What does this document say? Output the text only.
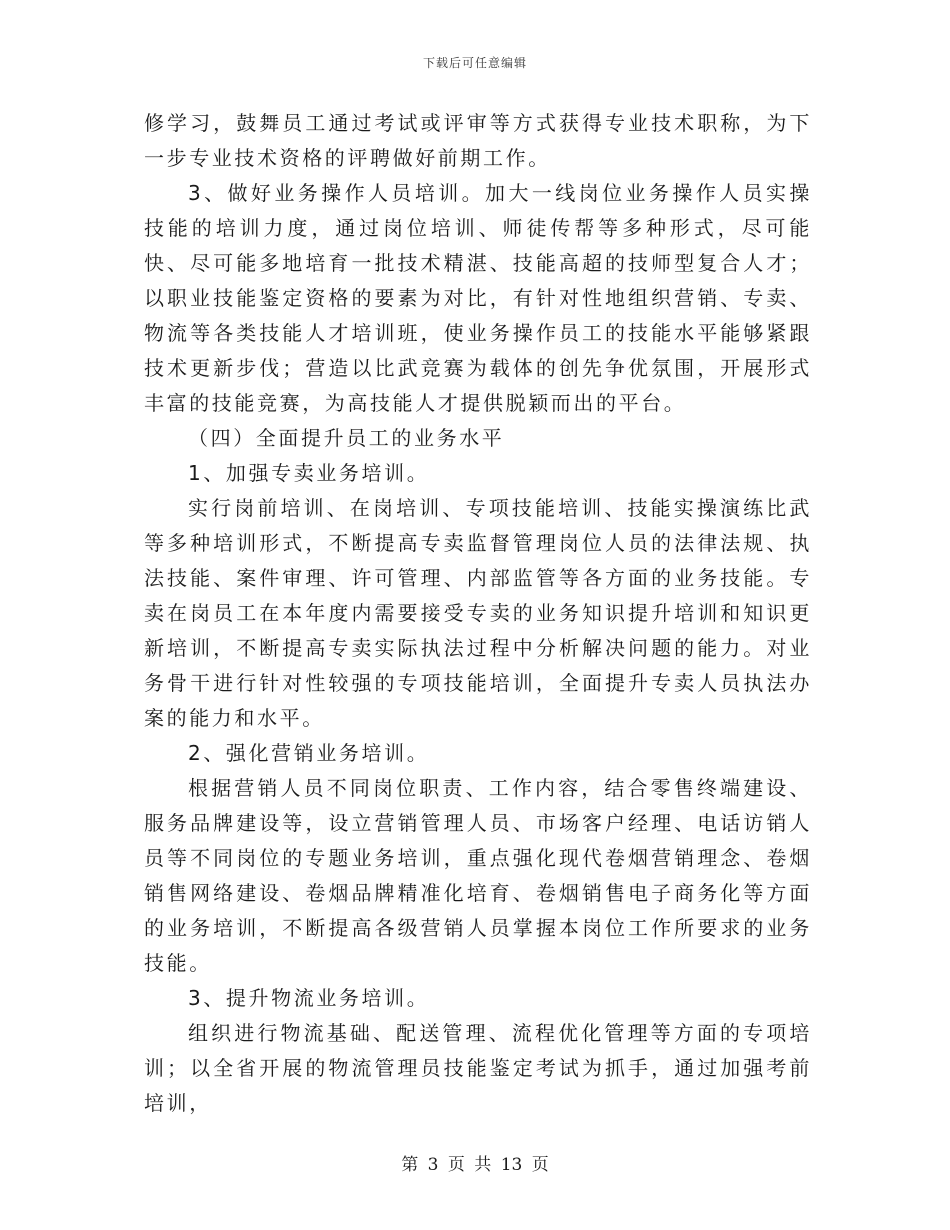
下载后可任意编辑

修学习，鼓舞员工通过考试或评审等方式获得专业技术职称，为下一步专业技术资格的评聘做好前期工作。

3、做好业务操作人员培训。加大一线岗位业务操作人员实操技能的培训力度，通过岗位培训、师徒传帮等多种形式，尽可能快、尽可能多地培育一批技术精湛、技能高超的技师型复合人才；以职业技能鉴定资格的要素为对比，有针对性地组织营销、专卖、物流等各类技能人才培训班，使业务操作员工的技能水平能够紧跟技术更新步伐；营造以比武竞赛为载体的创先争优氛围，开展形式丰富的技能竞赛，为高技能人才提供脱颖而出的平台。

（四）全面提升员工的业务水平

1、加强专卖业务培训。

实行岗前培训、在岗培训、专项技能培训、技能实操演练比武等多种培训形式，不断提高专卖监督管理岗位人员的法律法规、执法技能、案件审理、许可管理、内部监管等各方面的业务技能。专卖在岗员工在本年度内需要接受专卖的业务知识提升培训和知识更新培训，不断提高专卖实际执法过程中分析解决问题的能力。对业务骨干进行针对性较强的专项技能培训，全面提升专卖人员执法办案的能力和水平。

2、强化营销业务培训。

根据营销人员不同岗位职责、工作内容，结合零售终端建设、服务品牌建设等，设立营销管理人员、市场客户经理、电话访销人员等不同岗位的专题业务培训，重点强化现代卷烟营销理念、卷烟销售网络建设、卷烟品牌精准化培育、卷烟销售电子商务化等方面的业务培训，不断提高各级营销人员掌握本岗位工作所要求的业务技能。

3、提升物流业务培训。

组织进行物流基础、配送管理、流程优化管理等方面的专项培训；以全省开展的物流管理员技能鉴定考试为抓手，通过加强考前培训，

第 3 页 共 13 页
